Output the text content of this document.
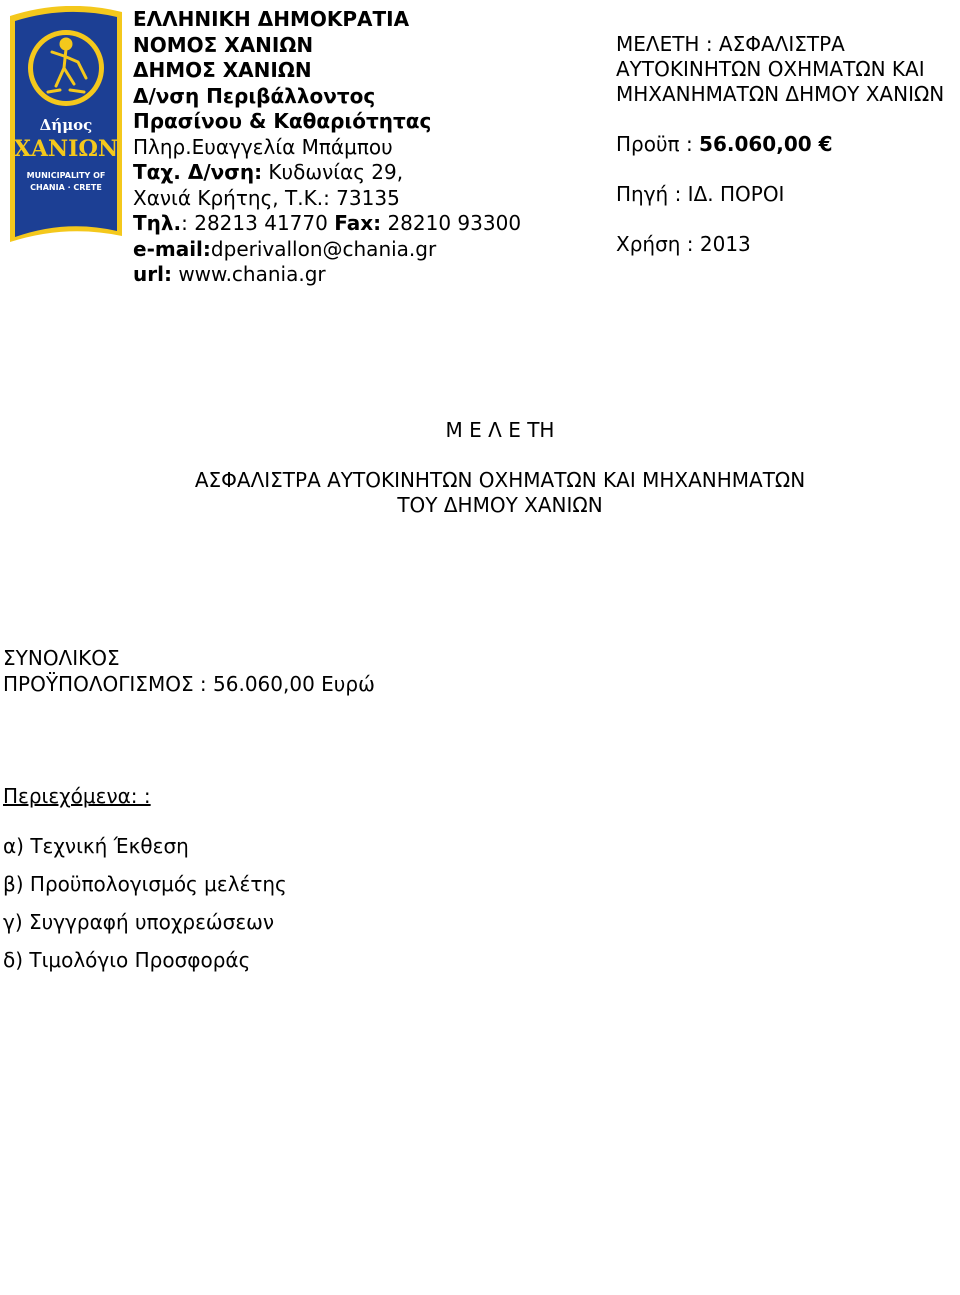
Δήμος
ΧΑΝΙΩΝ
MUNICIPALITY OF
CHANIA · CRETE
ΕΛΛΗΝΙΚΗ ΔΗΜΟΚΡΑΤΙΑ
ΝΟΜΟΣ ΧΑΝΙΩΝ
ΔΗΜΟΣ ΧΑΝΙΩΝ
Δ/νση Περιβάλλοντος
Πρασίνου & Καθαριότητας
Πληρ.Ευαγγελία Μπάμπου
Ταχ. Δ/νση: Κυδωνίας 29,
Χανιά Κρήτης, Τ.Κ.: 73135
Τηλ.: 28213 41770 Fax: 28210 93300
e-mail:dperivallon@chania.gr
url: www.chania.gr
ΜΕΛΕΤΗ : ΑΣΦΑΛΙΣΤΡΑ
ΑΥΤΟΚΙΝΗΤΩΝ ΟΧΗΜΑΤΩΝ ΚΑΙ
ΜΗΧΑΝΗΜΑΤΩΝ ΔΗΜΟΥ ΧΑΝΙΩΝ
Προϋπ : 56.060,00 €
Πηγή : ΙΔ. ΠΟΡΟΙ
Χρήση : 2013
Μ Ε Λ Ε ΤΗ
ΑΣΦΑΛΙΣΤΡΑ ΑΥΤΟΚΙΝΗΤΩΝ ΟΧΗΜΑΤΩΝ ΚΑΙ ΜΗΧΑΝΗΜΑΤΩΝ
ΤΟΥ ΔΗΜΟΥ ΧΑΝΙΩΝ
ΣΥΝΟΛΙΚΟΣ
ΠΡΟΫΠΟΛΟΓΙΣΜΟΣ : 56.060,00 Ευρώ
Περιεχόμενα: :
α) Τεχνική Έκθεση
β) Προϋπολογισμός μελέτης
γ) Συγγραφή υποχρεώσεων
δ) Τιμολόγιο Προσφοράς
